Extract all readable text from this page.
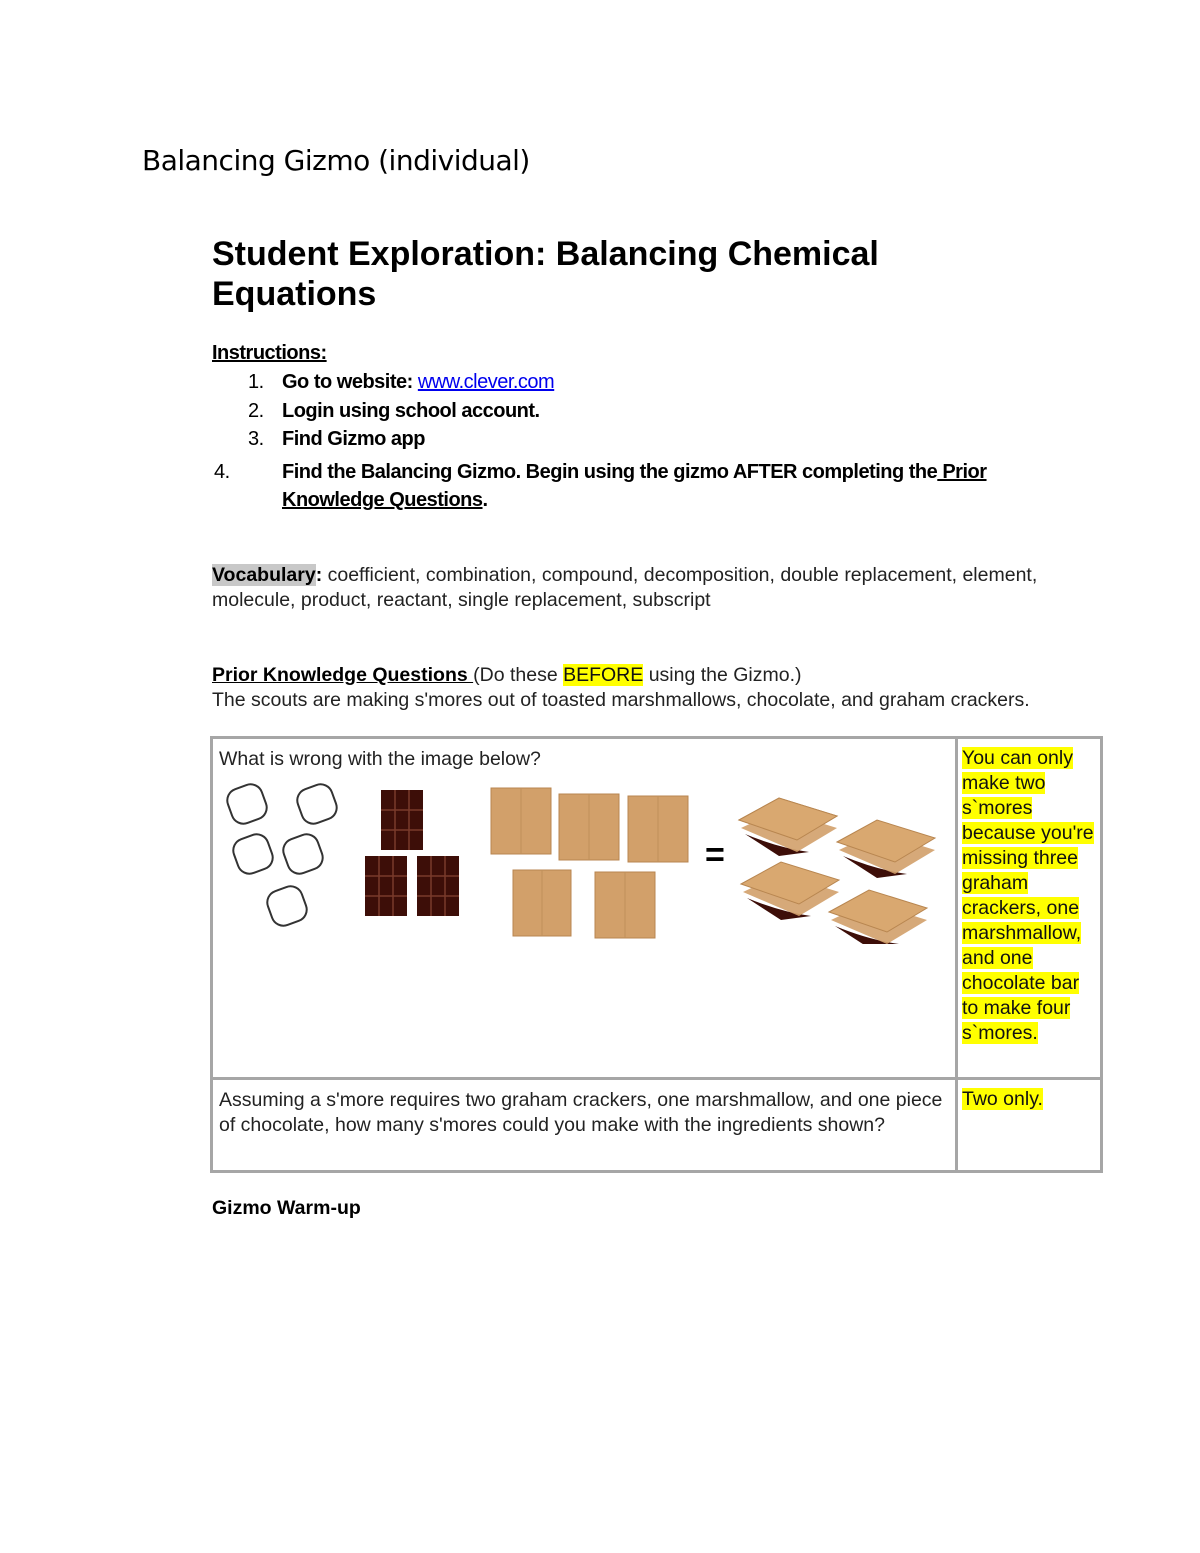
Balancing Gizmo (individual)
Student Exploration: Balancing Chemical Equations
Instructions:
1. Go to website: www.clever.com
2. Login using school account.
3. Find Gizmo app
4.	Find the Balancing Gizmo. Begin using the gizmo AFTER completing the Prior Knowledge Questions.
Vocabulary: coefficient, combination, compound, decomposition, double replacement, element, molecule, product, reactant, single replacement, subscript
Prior Knowledge Questions (Do these BEFORE using the Gizmo.)
The scouts are making s'mores out of toasted marshmallows, chocolate, and graham crackers.
What is wrong with the image below?
=	You can only make two s`mores because you're missing three graham crackers, one marshmallow, and one chocolate bar to make four s`mores.

Assuming a s'more requires two graham crackers, one marshmallow, and one piece of chocolate, how many s'mores could you make with the ingredients shown?	Two only.
Gizmo Warm-up
